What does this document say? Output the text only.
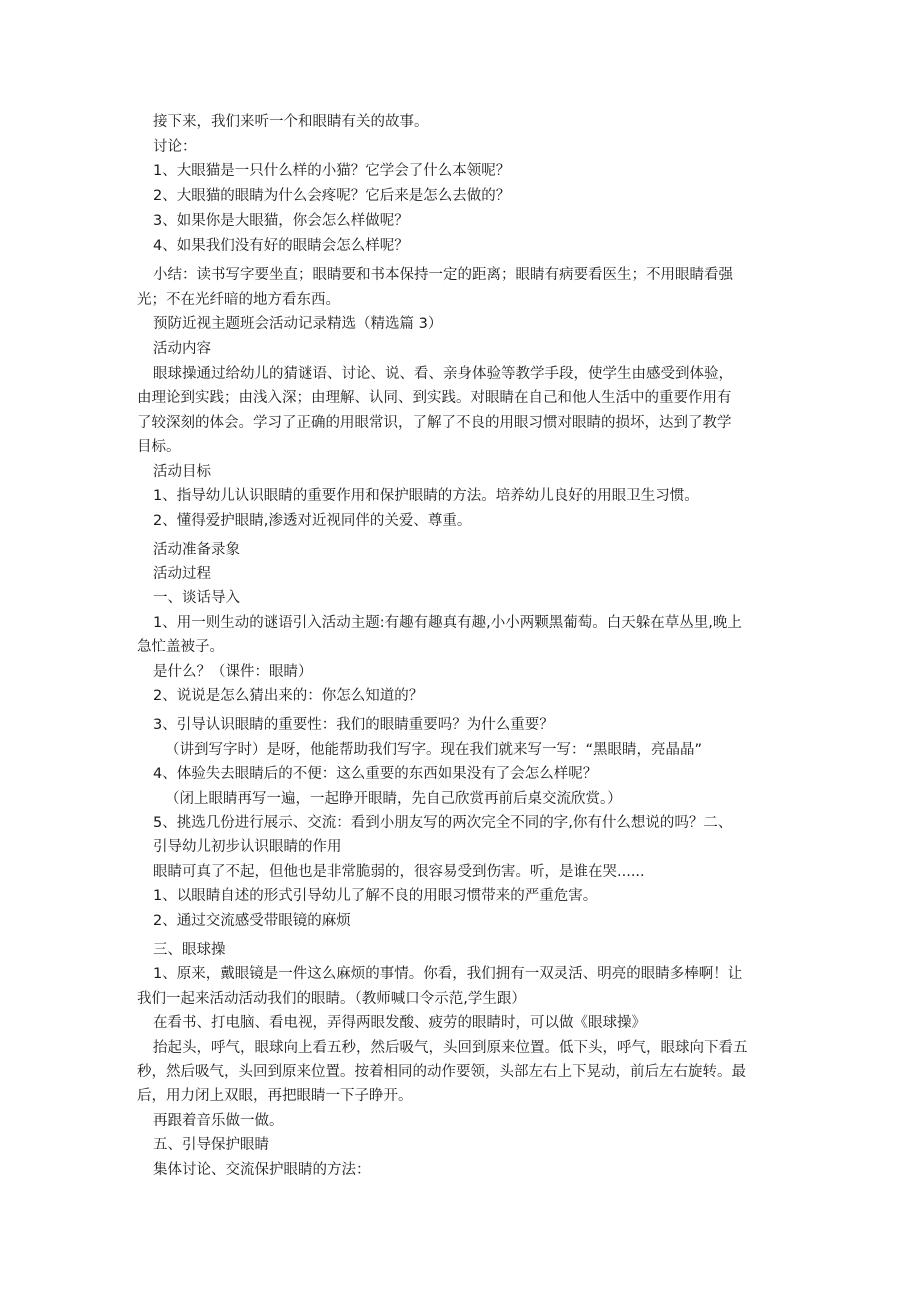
接下来，我们来听一个和眼睛有关的故事。
讨论：
1、大眼猫是一只什么样的小猫？它学会了什么本领呢？
2、大眼猫的眼睛为什么会疼呢？它后来是怎么去做的？
3、如果你是大眼猫，你会怎么样做呢？
4、如果我们没有好的眼睛会怎么样呢？
小结：读书写字要坐直；眼睛要和书本保持一定的距离；眼睛有病要看医生；不用眼睛看强
光；不在光纤暗的地方看东西。
预防近视主题班会活动记录精选（精选篇 3）
活动内容
眼球操通过给幼儿的猜谜语、讨论、说、看、亲身体验等教学手段，使学生由感受到体验，
由理论到实践；由浅入深；由理解、认同、到实践。对眼睛在自己和他人生活中的重要作用有
了较深刻的体会。学习了正确的用眼常识，了解了不良的用眼习惯对眼睛的损坏，达到了教学
目标。
活动目标
1、指导幼儿认识眼睛的重要作用和保护眼睛的方法。培养幼儿良好的用眼卫生习惯。
2、懂得爱护眼睛,渗透对近视同伴的关爱、尊重。
活动准备录象
活动过程
一、谈话导入
1、用一则生动的谜语引入活动主题:有趣有趣真有趣,小小两颗黑葡萄。白天躲在草丛里,晚上
急忙盖被子。
是什么？（课件：眼睛）
2、说说是怎么猜出来的：你怎么知道的？
3、引导认识眼睛的重要性：我们的眼睛重要吗？为什么重要？
（讲到写字时）是呀，他能帮助我们写字。现在我们就来写一写：“黑眼睛，亮晶晶”
4、体验失去眼睛后的不便：这么重要的东西如果没有了会怎么样呢？
（闭上眼睛再写一遍，一起睁开眼睛，先自己欣赏再前后桌交流欣赏。）
5、挑选几份进行展示、交流：看到小朋友写的两次完全不同的字,你有什么想说的吗？二、
引导幼儿初步认识眼睛的作用
眼睛可真了不起，但他也是非常脆弱的，很容易受到伤害。听，是谁在哭......
1、以眼睛自述的形式引导幼儿了解不良的用眼习惯带来的严重危害。
2、通过交流感受带眼镜的麻烦
三、眼球操
1、原来，戴眼镜是一件这么麻烦的事情。你看，我们拥有一双灵活、明亮的眼睛多棒啊！让
我们一起来活动活动我们的眼睛。（教师喊口令示范,学生跟）
在看书、打电脑、看电视，弄得两眼发酸、疲劳的眼睛时，可以做《眼球操》
抬起头，呼气，眼球向上看五秒，然后吸气，头回到原来位置。低下头，呼气，眼球向下看五
秒，然后吸气，头回到原来位置。按着相同的动作要领，头部左右上下晃动，前后左右旋转。最
后，用力闭上双眼，再把眼睛一下子睁开。
再跟着音乐做一做。
五、引导保护眼睛
集体讨论、交流保护眼睛的方法：
